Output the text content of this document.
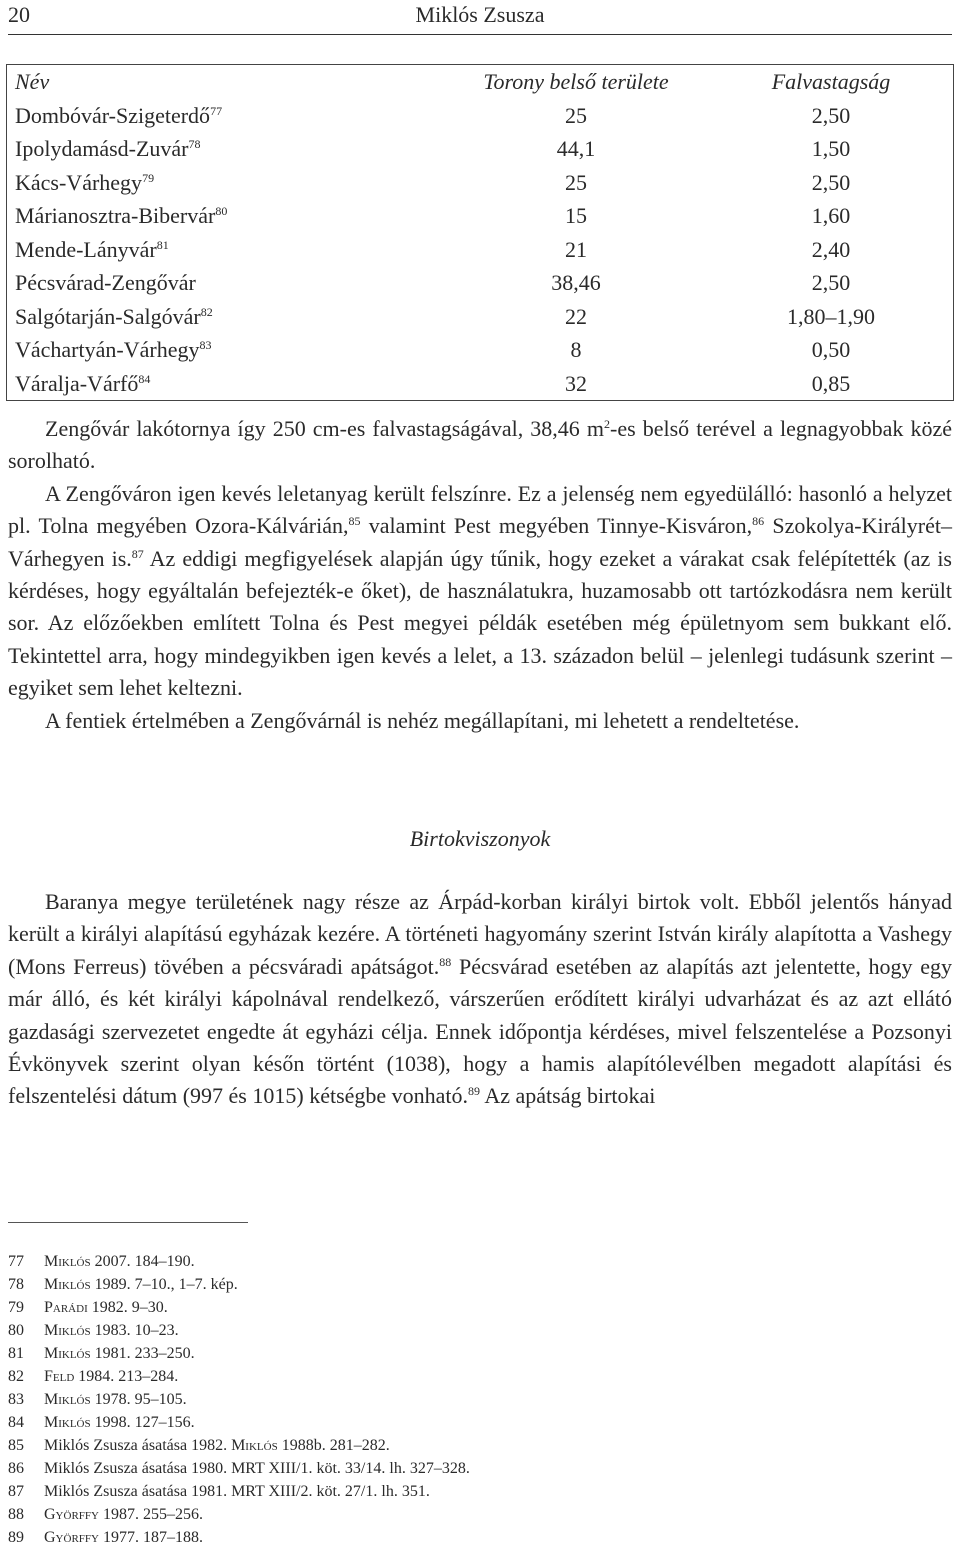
20	Miklós Zsusza
Név	Torony belső területe	Falvastagság
Dombóvár-Szigeterdő$^{77}$	25	2,50
Ipolydamásd-Zuvár$^{78}$	44,1	1,50
Kács-Várhegy$^{79}$	25	2,50
Márianosztra-Bibervár$^{80}$	15	1,60
Mende-Lányvár$^{81}$	21	2,40
Pécsvárad-Zengővár	38,46	2,50
Salgótarján-Salgóvár$^{82}$	22	1,80–1,90
Váchartyán-Várhegy$^{83}$	8	0,50
Váralja-Várfő$^{84}$	32	0,85

Zengővár lakótornya így 250 cm-es falvastagságával, 38,46 $m^2-es$ belső terével a legnagyobbak közé sorolható.

A Zengőváron igen kevés leletanyag került felszínre. Ez a jelenség nem egyedülálló: hasonló a helyzet pl. Tolna megyében Ozora-Kálvárián,$^{85}$ valamint Pest megyében Tinnye-Kisváron,$^{86}$ Szokolya-Királyrét–Várhegyen is.$^{87}$ Az eddigi megfigyelések alapján úgy tűnik, hogy ezeket a várakat csak felépítették (az is kérdéses, hogy egyáltalán befejezték-e őket), de használatukra, huzamosabb ott tartózkodásra nem került sor. Az előzőekben említett Tolna és Pest megyei példák esetében még épületnyom sem bukkant elő. Tekintettel arra, hogy mindegyikben igen kevés a lelet, a 13. századon belül – jelenlegi tudásunk szerint – egyiket sem lehet keltezni.

A fentiek értelmében a Zengővárnál is nehéz megállapítani, mi lehetett a rendeltetése.

Birtokviszonyok

Baranya megye területének nagy része az Árpád-korban királyi birtok volt. Ebből jelentős hányad került a királyi alapítású egyházak kezére. A történeti hagyomány szerint István király alapította a Vashegy (Mons Ferreus) tövében a pécsváradi apátságot.$^{88}$ Pécsvárad esetében az alapítás azt jelentette, hogy egy már álló, és két királyi kápolnával rendelkező, várszerűen erődített királyi udvarházat és az azt ellátó gazdasági szervezetet engedte át egyházi célja. Ennek időpontja kérdéses, mivel felszentelése a Pozsonyi Évkönyvek szerint olyan későn történt (1038), hogy a hamis alapítólevélben megadott alapítási és felszentelési dátum (997 és 1015) kétségbe vonható.$^{89}$ Az apátság birtokai

77	Miklós 2007. 184–190.
78	Miklós 1989. 7–10., 1–7. kép.
79	Parádi 1982. 9–30.
80	Miklós 1983. 10–23.
81	Miklós 1981. 233–250.
82	Feld 1984. 213–284.
83	Miklós 1978. 95–105.
84	Miklós 1998. 127–156.
85	Miklós Zsusza ásatása 1982. Miklós 1988b. 281–282.
86	Miklós Zsusza ásatása 1980. MRT XIII/1. köt. 33/14. lh. 327–328.
87	Miklós Zsusza ásatása 1981. MRT XIII/2. köt. 27/1. lh. 351.
88	Györffy 1987. 255–256.
89	Györffy 1977. 187–188.
